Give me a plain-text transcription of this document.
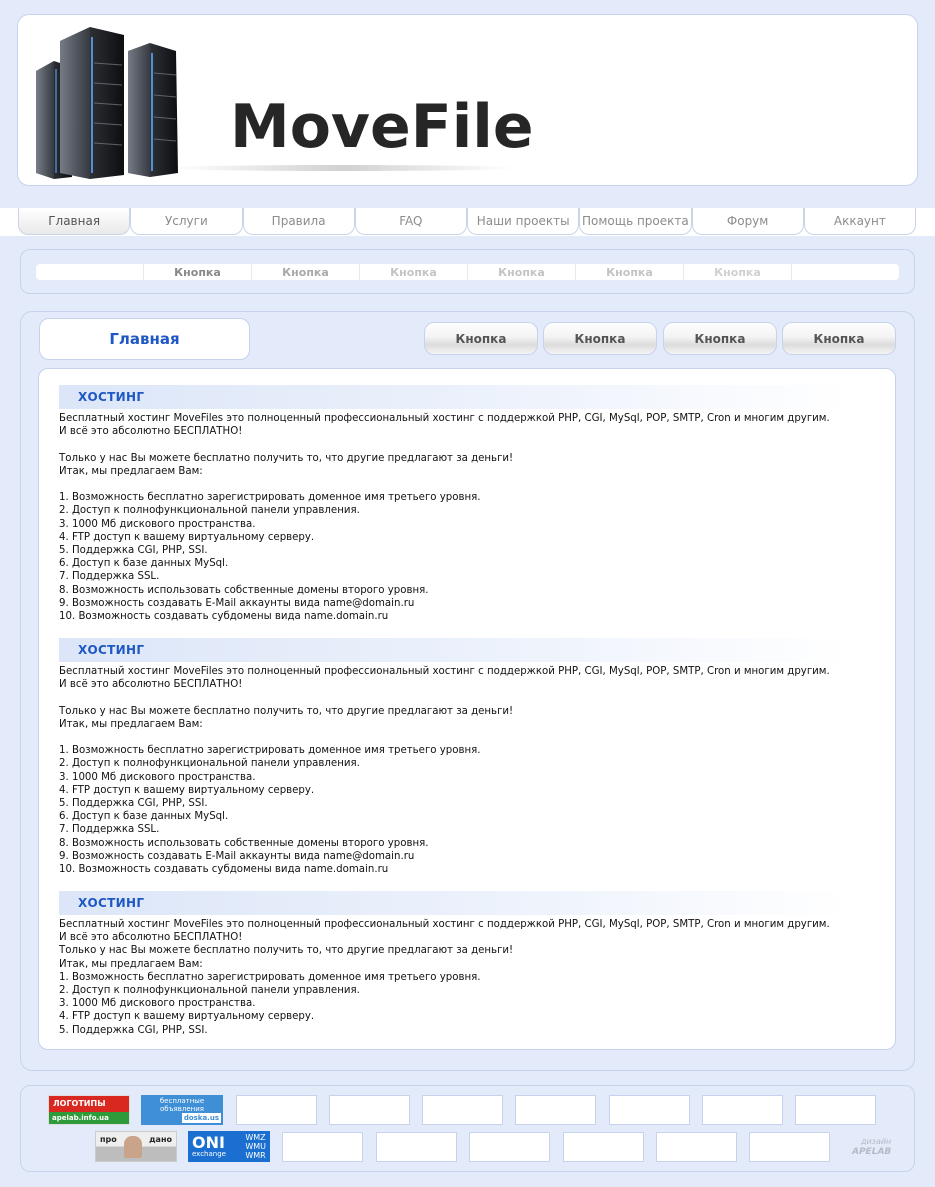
MoveFile
Главная	Услуги	Правила	FAQ	Наши проекты	Помощь проекта	Форум	Аккаунт
Кнопка	Кнопка	Кнопка	Кнопка	Кнопка	Кнопка
Главная	Кнопка	Кнопка	Кнопка	Кнопка
ХОСТИНГ
Бесплатный хостинг MoveFiles это полноценный профессиональный хостинг с поддержкой PHP, CGI, MySql, POP, SMTP, Cron и многим другим.
И всё это абсолютно БЕСПЛАТНО!
Только у нас Вы можете бесплатно получить то, что другие предлагают за деньги!
Итак, мы предлагаем Вам:
1. Возможность бесплатно зарегистрировать доменное имя третьего уровня.
2. Доступ к полнофункциональной панели управления.
3. 1000 Мб дискового пространства.
4. FTP доступ к вашему виртуальному серверу.
5. Поддержка CGI, PHP, SSI.
6. Доступ к базе данных MySql.
7. Поддержка SSL.
8. Возможность использовать собственные домены второго уровня.
9. Возможность создавать E-Mail аккаунты вида name@domain.ru
10. Возможность создавать субдомены вида name.domain.ru
ХОСТИНГ
Бесплатный хостинг MoveFiles это полноценный профессиональный хостинг с поддержкой PHP, CGI, MySql, POP, SMTP, Cron и многим другим.
И всё это абсолютно БЕСПЛАТНО!
Только у нас Вы можете бесплатно получить то, что другие предлагают за деньги!
Итак, мы предлагаем Вам:
1. Возможность бесплатно зарегистрировать доменное имя третьего уровня.
2. Доступ к полнофункциональной панели управления.
3. 1000 Мб дискового пространства.
4. FTP доступ к вашему виртуальному серверу.
5. Поддержка CGI, PHP, SSI.
6. Доступ к базе данных MySql.
7. Поддержка SSL.
8. Возможность использовать собственные домены второго уровня.
9. Возможность создавать E-Mail аккаунты вида name@domain.ru
10. Возможность создавать субдомены вида name.domain.ru
ХОСТИНГ
Бесплатный хостинг MoveFiles это полноценный профессиональный хостинг с поддержкой PHP, CGI, MySql, POP, SMTP, Cron и многим другим.
И всё это абсолютно БЕСПЛАТНО!
Только у нас Вы можете бесплатно получить то, что другие предлагают за деньги!
Итак, мы предлагаем Вам:
1. Возможность бесплатно зарегистрировать доменное имя третьего уровня.
2. Доступ к полнофункциональной панели управления.
3. 1000 Мб дискового пространства.
4. FTP доступ к вашему виртуальному серверу.
5. Поддержка CGI, PHP, SSI.
ЛОГОТИПЫ
apelab.info.ua
бесплатные
объявления
doska.us
про	дано ONI
exchange
WMZ
WMU
WMR
дизайн
APELAB
